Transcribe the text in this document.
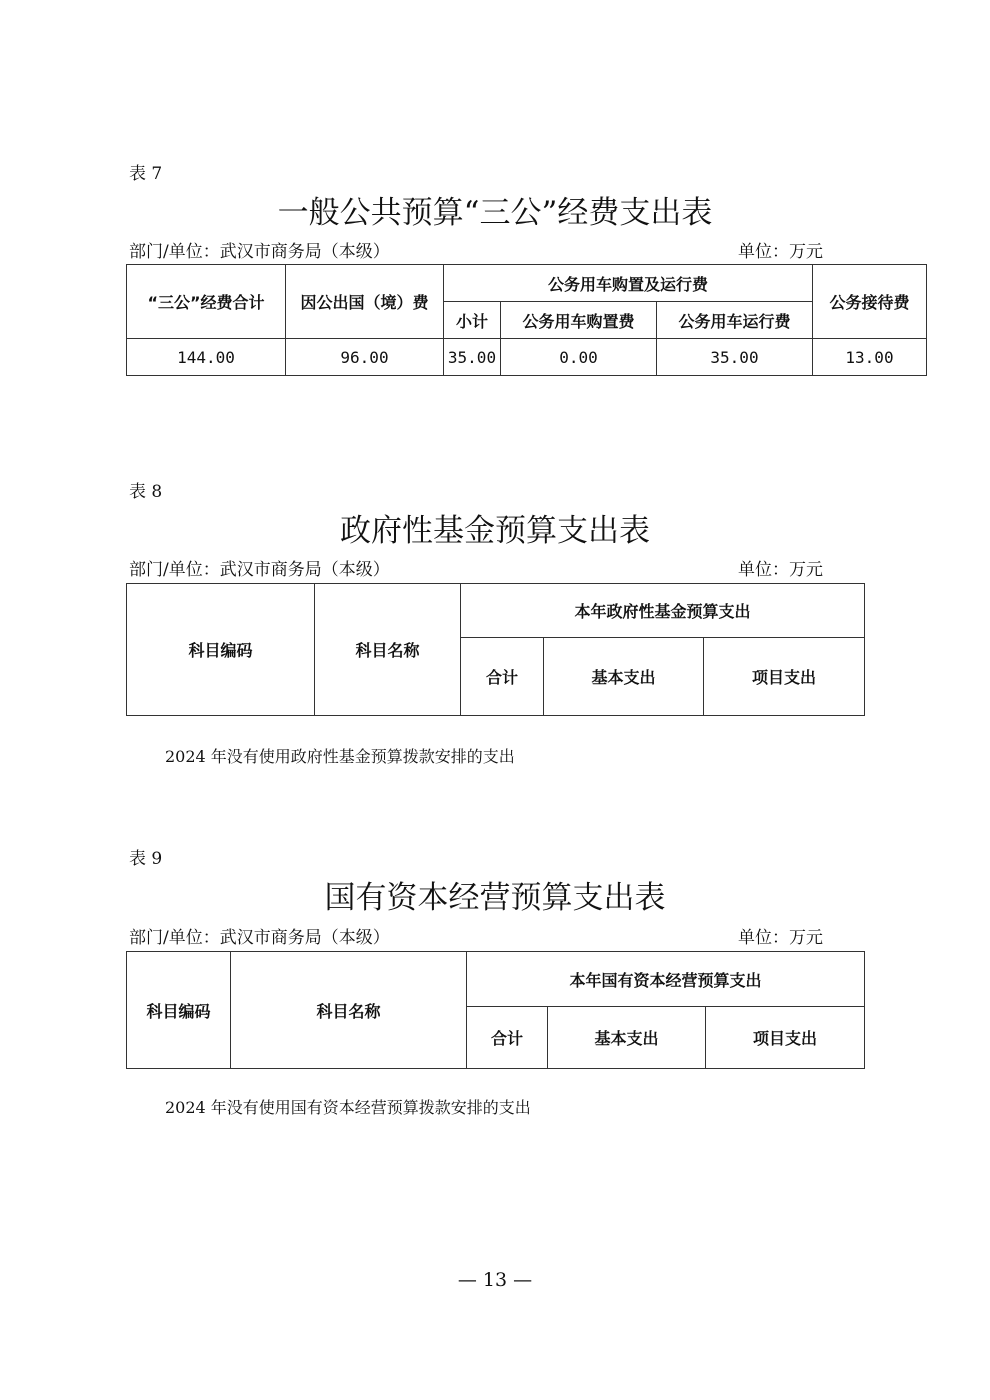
表 7
一般公共预算“三公”经费支出表
部门/单位：武汉市商务局（本级）	单位：万元
“三公”经费合计	因公出国（境）费	公务用车购置及运行费			公务接待费
		小计	公务用车购置费	公务用车运行费	
144.00	96.00	35.00	0.00	35.00	13.00
表 8
政府性基金预算支出表
部门/单位：武汉市商务局（本级）	单位：万元
科目编码	科目名称	本年政府性基金预算支出		
		合计	基本支出	项目支出
2024 年没有使用政府性基金预算拨款安排的支出
表 9
国有资本经营预算支出表
部门/单位：武汉市商务局（本级）	单位：万元
科目编码	科目名称	本年国有资本经营预算支出		
		合计	基本支出	项目支出
2024 年没有使用国有资本经营预算拨款安排的支出
— 13 —
